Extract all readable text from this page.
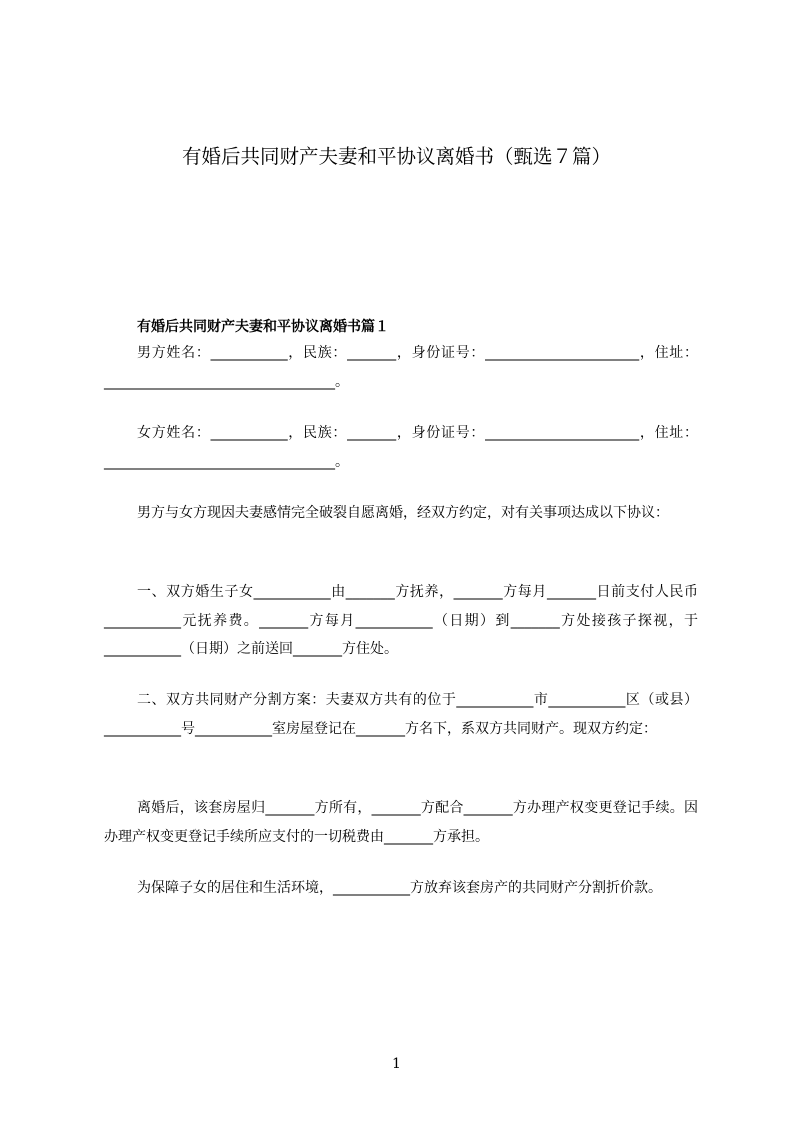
有婚后共同财产夫妻和平协议离婚书（甄选７篇）
有婚后共同财产夫妻和平协议离婚书篇１

男方姓名：___________，民族：_______，身份证号：______________________，住址：_________________________________。

女方姓名：___________，民族：_______，身份证号：______________________，住址：_________________________________。

男方与女方现因夫妻感情完全破裂自愿离婚，经双方约定，对有关事项达成以下协议：

一、双方婚生子女___________由_______方抚养，_______方每月_______日前支付人民币___________元抚养费。_______方每月___________（日期）到_______方处接孩子探视，于___________（日期）之前送回_______方住处。

二、双方共同财产分割方案：夫妻双方共有的位于___________市___________区（或县）___________号___________室房屋登记在_______方名下，系双方共同财产。现双方约定：

离婚后，该套房屋归_______方所有，_______方配合_______方办理产权变更登记手续。因办理产权变更登记手续所应支付的一切税费由_______方承担。

为保障子女的居住和生活环境，___________方放弃该套房产的共同财产分割折价款。

1
